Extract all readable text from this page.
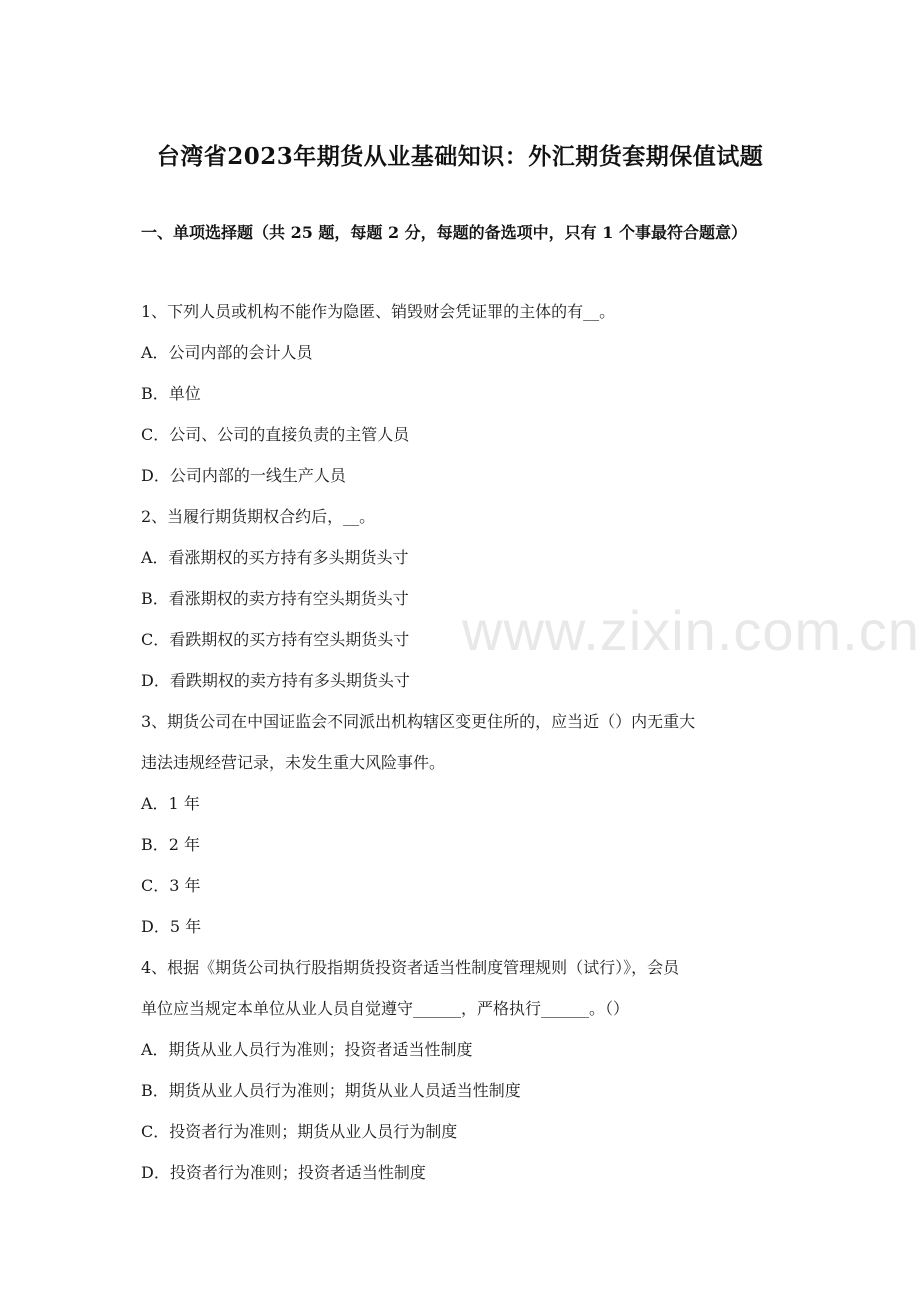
台湾省2023年期货从业基础知识：外汇期货套期保值试题
一、单项选择题（共 25 题，每题 2 分，每题的备选项中，只有 1 个事最符合题意）
1、下列人员或机构不能作为隐匿、销毁财会凭证罪的主体的有__。
A．公司内部的会计人员
B．单位
C．公司、公司的直接负责的主管人员
D．公司内部的一线生产人员
2、当履行期货期权合约后，__。
A．看涨期权的买方持有多头期货头寸
B．看涨期权的卖方持有空头期货头寸
C．看跌期权的买方持有空头期货头寸
D．看跌期权的卖方持有多头期货头寸
3、期货公司在中国证监会不同派出机构辖区变更住所的，应当近（）内无重大
违法违规经营记录，未发生重大风险事件。
A．1 年
B．2 年
C．3 年
D．5 年
4、根据《期货公司执行股指期货投资者适当性制度管理规则（试行）》，会员
单位应当规定本单位从业人员自觉遵守______，严格执行______。（）
A．期货从业人员行为准则；投资者适当性制度
B．期货从业人员行为准则；期货从业人员适当性制度
C．投资者行为准则；期货从业人员行为制度
D．投资者行为准则；投资者适当性制度
www.zixin.com.cn
